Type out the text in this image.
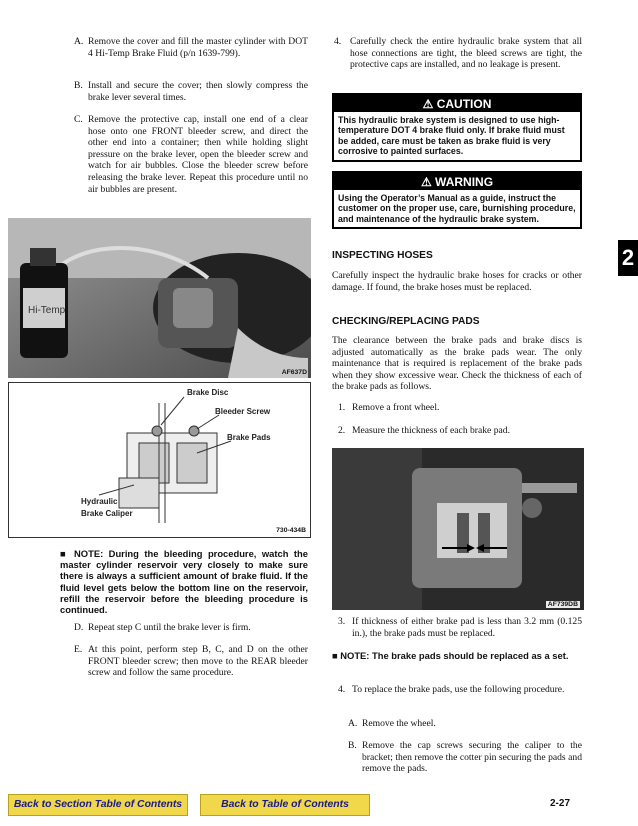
A. Remove the cover and fill the master cylinder with DOT 4 Hi-Temp Brake Fluid (p/n 1639-799).
B. Install and secure the cover; then slowly compress the brake lever several times.
C. Remove the protective cap, install one end of a clear hose onto one FRONT bleeder screw, and direct the other end into a container; then while holding slight pressure on the brake lever, open the bleeder screw and watch for air bubbles. Close the bleeder screw before releasing the brake lever. Repeat this procedure until no air bubbles are present.
Hi-Temp
AF637D
Brake Disc
Bleeder Screw
Brake Pads
Hydraulic
Brake Caliper
730-434B
■ NOTE: During the bleeding procedure, watch the master cylinder reservoir very closely to make sure there is always a sufficient amount of brake fluid. If the fluid level gets below the bottom line on the reservoir, refill the reservoir before the bleeding procedure is continued.
D. Repeat step C until the brake lever is firm.
E. At this point, perform step B, C, and D on the other FRONT bleeder screw; then move to the REAR bleeder screw and follow the same procedure.
4. Carefully check the entire hydraulic brake system that all hose connections are tight, the bleed screws are tight, the protective caps are installed, and no leakage is present.
⚠ CAUTION
This hydraulic brake system is designed to use high-temperature DOT 4 brake fluid only. If brake fluid must be added, care must be taken as brake fluid is very corrosive to painted surfaces.
⚠ WARNING
Using the Operator’s Manual as a guide, instruct the customer on the proper use, care, burnishing procedure, and maintenance of the hydraulic brake system.
INSPECTING HOSES
Carefully inspect the hydraulic brake hoses for cracks or other damage. If found, the brake hoses must be replaced.
CHECKING/REPLACING PADS
The clearance between the brake pads and brake discs is adjusted automatically as the brake pads wear. The only maintenance that is required is replacement of the brake pads when they show excessive wear. Check the thickness of each of the brake pads as follows.
1. Remove a front wheel.
2. Measure the thickness of each brake pad.
AF739DB
3. If thickness of either brake pad is less than 3.2 mm (0.125 in.), the brake pads must be replaced.
■ NOTE: The brake pads should be replaced as a set.
4. To replace the brake pads, use the following procedure.
A. Remove the wheel.
B. Remove the cap screws securing the caliper to the bracket; then remove the cotter pin securing the pads and remove the pads.
2
Back to Section Table of Contents	Back to Table of Contents	2-27
